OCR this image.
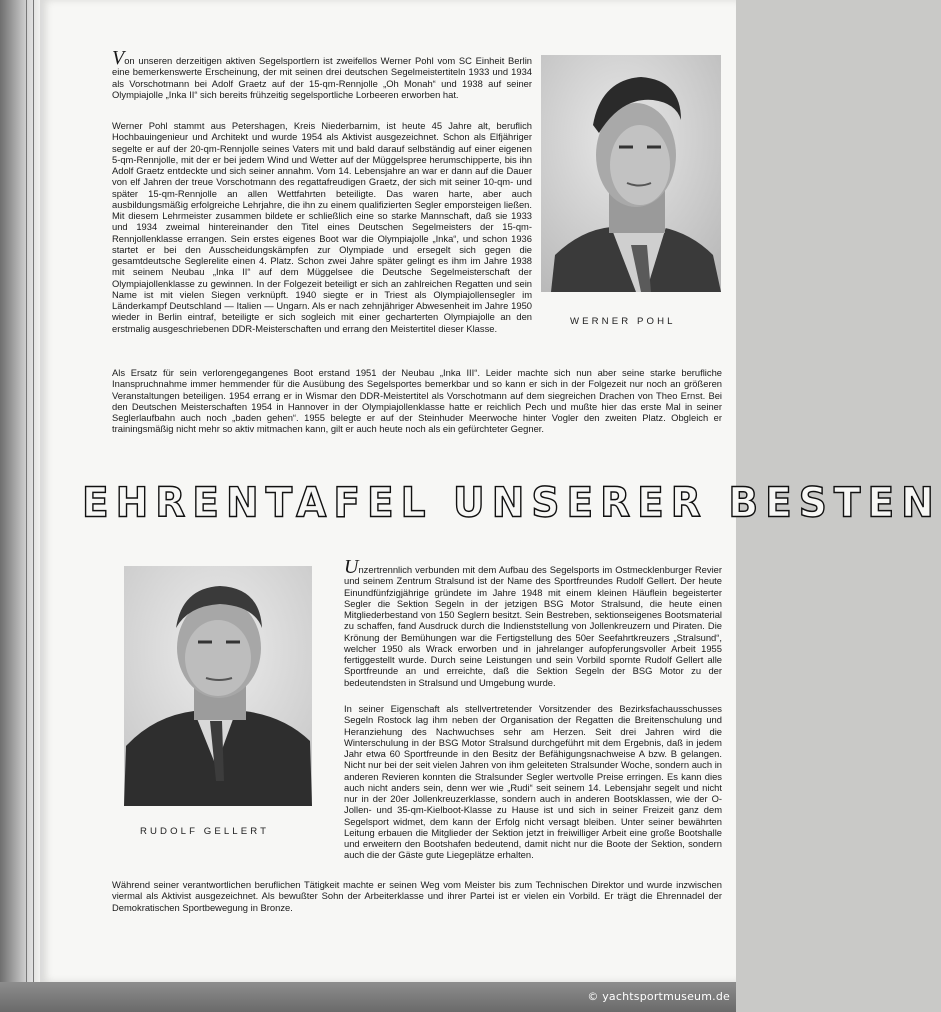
Von unseren derzeitigen aktiven Segelsportlern ist zweifellos Werner Pohl vom SC Einheit Berlin eine bemerkenswerte Erscheinung, der mit seinen drei deutschen Segelmeistertiteln 1933 und 1934 als Vorschotmann bei Adolf Graetz auf der 15-qm-Rennjolle „Oh Monah“ und 1938 auf seiner Olympiajolle „Inka II“ sich bereits frühzeitig segelsportliche Lorbeeren erworben hat.

Werner Pohl stammt aus Petershagen, Kreis Niederbarnim, ist heute 45 Jahre alt, beruflich Hochbauingenieur und Architekt und wurde 1954 als Aktivist ausgezeichnet. Schon als Elfjähriger segelte er auf der 20-qm-Rennjolle seines Vaters mit und bald darauf selbständig auf einer eigenen 5-qm-Rennjolle, mit der er bei jedem Wind und Wetter auf der Müggelspree herumschipperte, bis ihn Adolf Graetz entdeckte und sich seiner annahm. Vom 14. Lebensjahre an war er dann auf die Dauer von elf Jahren der treue Vorschotmann des regattafreudigen Graetz, der sich mit seiner 10-qm- und später 15-qm-Rennjolle an allen Wettfahrten beteiligte. Das waren harte, aber auch ausbildungsmäßig erfolgreiche Lehrjahre, die ihn zu einem qualifizierten Segler emporsteigen ließen. Mit diesem Lehrmeister zusammen bildete er schließlich eine so starke Mannschaft, daß sie 1933 und 1934 zweimal hintereinander den Titel eines Deutschen Segelmeisters der 15-qm-Rennjollenklasse errangen. Sein erstes eigenes Boot war die Olympiajolle „Inka“, und schon 1936 startet er bei den Ausscheidungskämpfen zur Olympiade und ersegelt sich gegen die gesamtdeutsche Seglerelite einen 4. Platz. Schon zwei Jahre später gelingt es ihm im Jahre 1938 mit seinem Neubau „Inka II“ auf dem Müggelsee die Deutsche Segelmeisterschaft der Olympiajollenklasse zu gewinnen. In der Folgezeit beteiligt er sich an zahlreichen Regatten und sein Name ist mit vielen Siegen verknüpft. 1940 siegte er in Triest als Olympiajollensegler im Länderkampf Deutschland — Italien — Ungarn. Als er nach zehnjähriger Abwesenheit im Jahre 1950 wieder in Berlin eintraf, beteiligte er sich sogleich mit einer gecharterten Olympiajolle an den erstmalig ausgeschriebenen DDR-Meisterschaften und errang den Meistertitel dieser Klasse.

Als Ersatz für sein verlorengegangenes Boot erstand 1951 der Neubau „Inka III“. Leider machte sich nun aber seine starke berufliche Inanspruchnahme immer hemmender für die Ausübung des Segelsportes bemerkbar und so kann er sich in der Folgezeit nur noch an größeren Veranstaltungen beteiligen. 1954 errang er in Wismar den DDR-Meistertitel als Vorschotmann auf dem siegreichen Drachen von Theo Ernst. Bei den Deutschen Meisterschaften 1954 in Hannover in der Olympiajollenklasse hatte er reichlich Pech und mußte hier das erste Mal in seiner Seglerlaufbahn auch noch „baden gehen“. 1955 belegte er auf der Steinhuder Meerwoche hinter Vogler den zweiten Platz. Obgleich er trainingsmäßig nicht mehr so aktiv mitmachen kann, gilt er auch heute noch als ein gefürchteter Gegner.

WERNER POHL

EHRENTAFEL UNSERER BESTEN

RUDOLF GELLERT

Unzertrennlich verbunden mit dem Aufbau des Segelsports im Ostmecklenburger Revier und seinem Zentrum Stralsund ist der Name des Sportfreundes Rudolf Gellert. Der heute Einundfünfzigjährige gründete im Jahre 1948 mit einem kleinen Häuflein begeisterter Segler die Sektion Segeln in der jetzigen BSG Motor Stralsund, die heute einen Mitgliederbestand von 150 Seglern besitzt. Sein Bestreben, sektionseigenes Bootsmaterial zu schaffen, fand Ausdruck durch die Indienststellung von Jollenkreuzern und Piraten. Die Krönung der Bemühungen war die Fertigstellung des 50er Seefahrtkreuzers „Stralsund“, welcher 1950 als Wrack erworben und in jahrelanger aufopferungsvoller Arbeit 1955 fertiggestellt wurde. Durch seine Leistungen und sein Vorbild spornte Rudolf Gellert alle Sportfreunde an und erreichte, daß die Sektion Segeln der BSG Motor zu der bedeutendsten in Stralsund und Umgebung wurde.

In seiner Eigenschaft als stellvertretender Vorsitzender des Bezirksfachausschusses Segeln Rostock lag ihm neben der Organisation der Regatten die Breitenschulung und Heranziehung des Nachwuchses sehr am Herzen. Seit drei Jahren wird die Winterschulung in der BSG Motor Stralsund durchgeführt mit dem Ergebnis, daß in jedem Jahr etwa 60 Sportfreunde in den Besitz der Befähigungsnachweise A bzw. B gelangen. Nicht nur bei der seit vielen Jahren von ihm geleiteten Stralsunder Woche, sondern auch in anderen Revieren konnten die Stralsunder Segler wertvolle Preise erringen. Es kann dies auch nicht anders sein, denn wer wie „Rudi“ seit seinem 14. Lebensjahr segelt und nicht nur in der 20er Jollenkreuzerklasse, sondern auch in anderen Bootsklassen, wie der O-Jollen- und 35-qm-Kielboot-Klasse zu Hause ist und sich in seiner Freizeit ganz dem Segelsport widmet, dem kann der Erfolg nicht versagt bleiben. Unter seiner bewährten Leitung erbauen die Mitglieder der Sektion jetzt in freiwilliger Arbeit eine große Bootshalle und erweitern den Bootshafen bedeutend, damit nicht nur die Boote der Sektion, sondern auch die der Gäste gute Liegeplätze erhalten.

Während seiner verantwortlichen beruflichen Tätigkeit machte er seinen Weg vom Meister bis zum Technischen Direktor und wurde inzwischen viermal als Aktivist ausgezeichnet. Als bewußter Sohn der Arbeiterklasse und ihrer Partei ist er vielen ein Vorbild. Er trägt die Ehrennadel der Demokratischen Sportbewegung in Bronze.

© yachtsportmuseum.de
